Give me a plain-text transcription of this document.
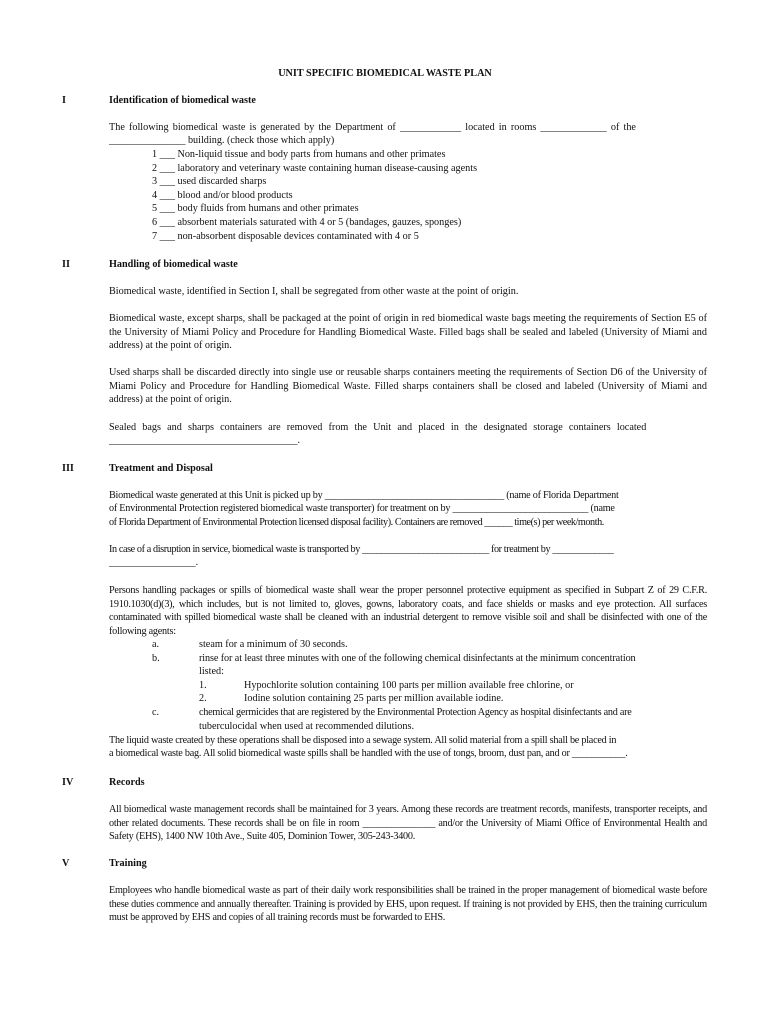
UNIT SPECIFIC BIOMEDICAL WASTE PLAN
I	Identification of biomedical waste

The following biomedical waste is generated by the Department of ____________ located in rooms _____________ of the

_______________ building. (check those which apply)

1 ___ Non-liquid tissue and body parts from humans and other primates
2 ___ laboratory and veterinary waste containing human disease-causing agents
3 ___ used discarded sharps
4 ___ blood and/or blood products
5 ___ body fluids from humans and other primates
6 ___ absorbent materials saturated with 4 or 5 (bandages, gauzes, sponges)
7 ___ non-absorbent disposable devices contaminated with 4 or 5
II	Handling of biomedical waste

Biomedical waste, identified in Section I, shall be segregated from other waste at the point of origin.

Biomedical waste, except sharps, shall be packaged at the point of origin in red biomedical waste bags meeting the requirements of Section E5 of the University of Miami Policy and Procedure for Handling Biomedical Waste. Filled bags shall be sealed and labeled (University of Miami and address) at the point of origin.

Used sharps shall be discarded directly into single use or reusable sharps containers meeting the requirements of Section D6 of the University of Miami Policy and Procedure for Handling Biomedical Waste. Filled sharps containers shall be closed and labeled (University of Miami and address) at the point of origin.

Sealed bags and sharps containers are removed from the Unit and placed in the designated storage containers located

_____________________________________.

III	Treatment and Disposal

Biomedical waste generated at this Unit is picked up by _____________________________________ (name of Florida Department

of Environmental Protection registered biomedical waste transporter) for treatment on by ____________________________ (name

of Florida Department of Environmental Protection licensed disposal facility). Containers are removed ______ time(s) per week/month.

In case of a disruption in service, biomedical waste is transported by ___________________________ for treatment by _____________

_________________.

Persons handling packages or spills of biomedical waste shall wear the proper personnel protective equipment as specified in Subpart Z of 29 C.F.R. 1910.1030(d)(3), which includes, but is not limited to, gloves, gowns, laboratory coats, and face shields or masks and eye protection. All surfaces contaminated with spilled biomedical waste shall be cleaned with an industrial detergent to remove visible soil and shall be disinfected with one of the following agents:

a.	steam for a minimum of 30 seconds.
b.	rinse for at least three minutes with one of the following chemical disinfectants at the minimum concentration
listed:
1.	Hypochlorite solution containing 100 parts per million available free chlorine, or
2.	Iodine solution containing 25 parts per million available iodine.
c.	chemical germicides that are registered by the Environmental Protection Agency as hospital disinfectants and are
tuberculocidal when used at recommended dilutions.

The liquid waste created by these operations shall be disposed into a sewage system. All solid material from a spill shall be placed in

a biomedical waste bag. All solid biomedical waste spills shall be handled with the use of tongs, broom, dust pan, and or ___________.

IV	Records

All biomedical waste management records shall be maintained for 3 years. Among these records are treatment records, manifests, transporter receipts, and other related documents. These records shall be on file in room _______________ and/or the University of Miami Office of Environmental Health and Safety (EHS), 1400 NW 10th Ave., Suite 405, Dominion Tower, 305-243-3400.

V	Training

Employees who handle biomedical waste as part of their daily work responsibilities shall be trained in the proper management of biomedical waste before these duties commence and annually thereafter. Training is provided by EHS, upon request. If training is not provided by EHS, then the training curriculum must be approved by EHS and copies of all training records must be forwarded to EHS.
